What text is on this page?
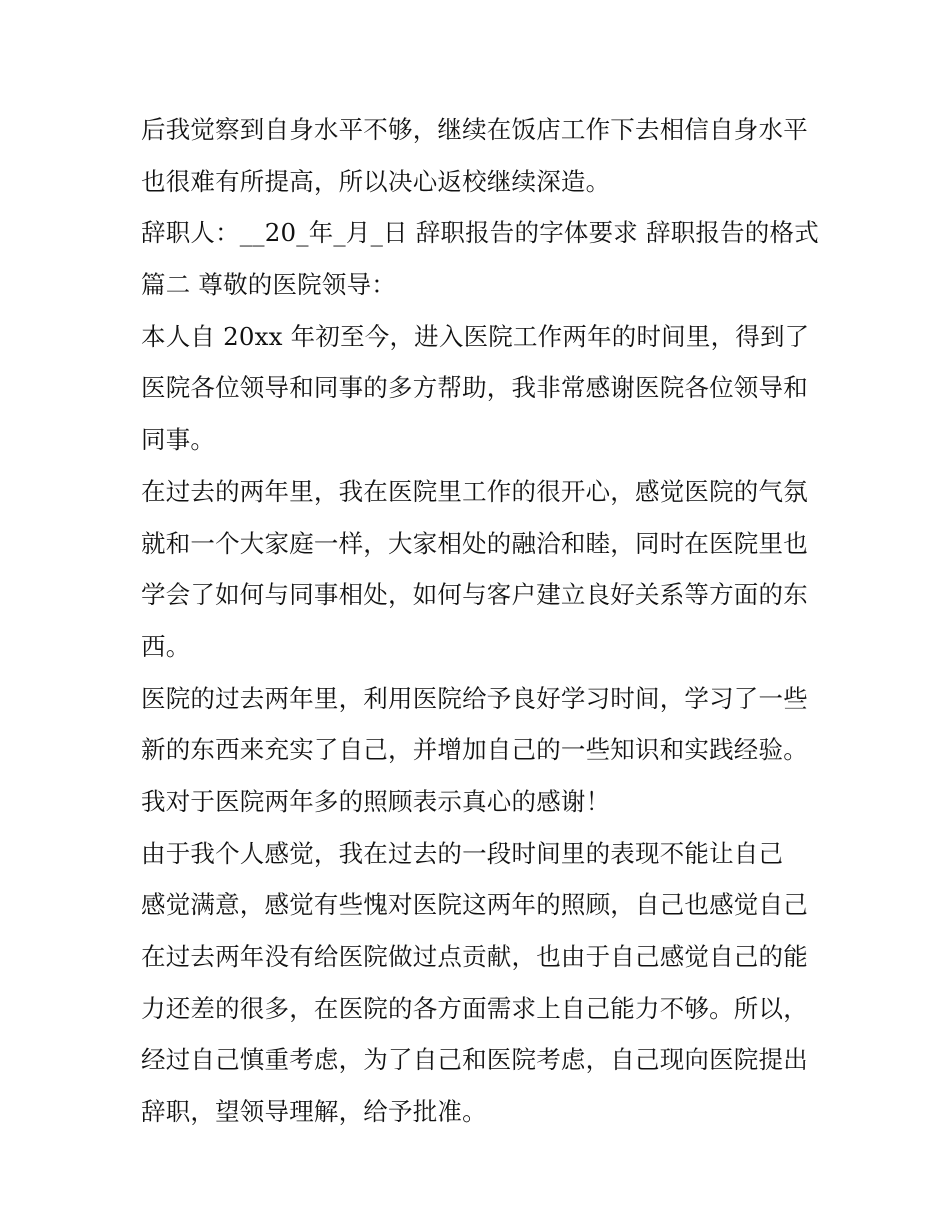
后我觉察到自身水平不够，继续在饭店工作下去相信自身水平
也很难有所提高，所以决心返校继续深造。
辞职人：__20_年_月_日 辞职报告的字体要求 辞职报告的格式
篇二 尊敬的医院领导：
本人自 20xx 年初至今，进入医院工作两年的时间里，得到了
医院各位领导和同事的多方帮助，我非常感谢医院各位领导和
同事。
在过去的两年里，我在医院里工作的很开心，感觉医院的气氛
就和一个大家庭一样，大家相处的融洽和睦，同时在医院里也
学会了如何与同事相处，如何与客户建立良好关系等方面的东
西。
医院的过去两年里，利用医院给予良好学习时间，学习了一些
新的东西来充实了自己，并增加自己的一些知识和实践经验。
我对于医院两年多的照顾表示真心的感谢！
由于我个人感觉，我在过去的一段时间里的表现不能让自己
感觉满意，感觉有些愧对医院这两年的照顾，自己也感觉自己
在过去两年没有给医院做过点贡献，也由于自己感觉自己的能
力还差的很多，在医院的各方面需求上自己能力不够。所以，
经过自己慎重考虑，为了自己和医院考虑，自己现向医院提出
辞职，望领导理解，给予批准。
